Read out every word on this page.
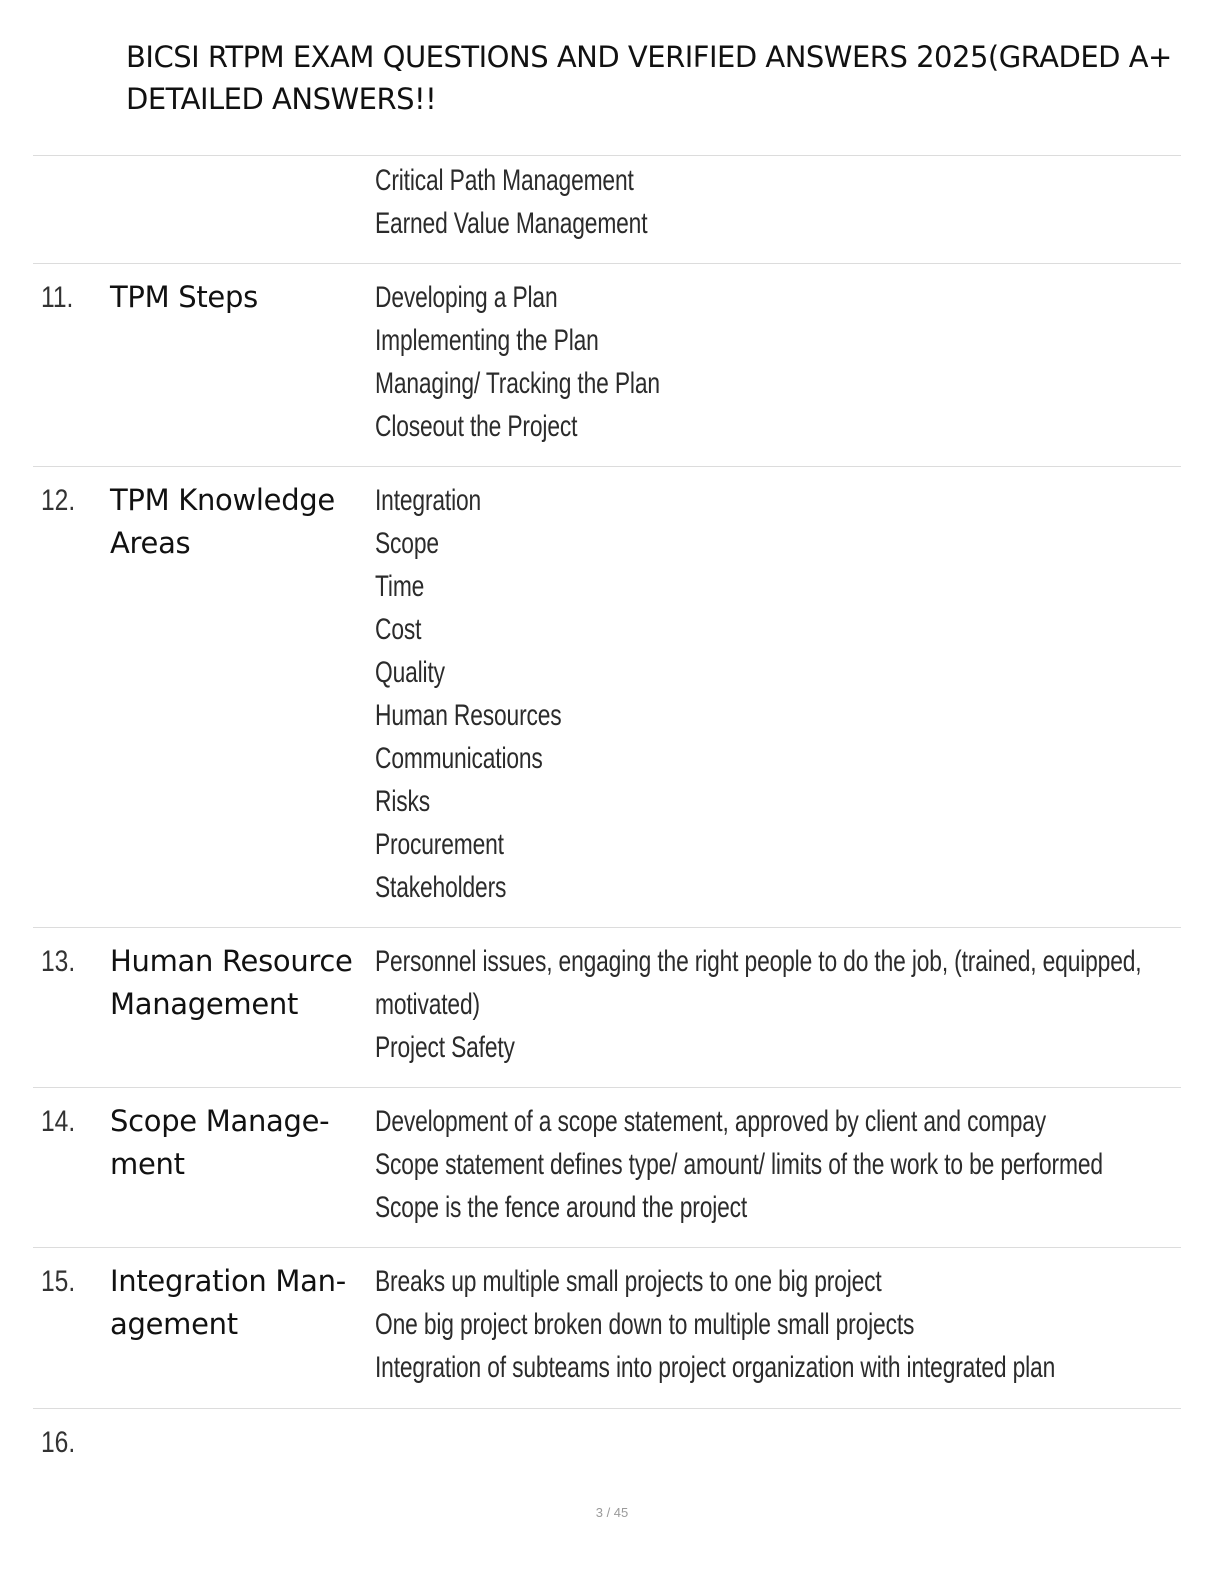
BICSI RTPM EXAM QUESTIONS AND VERIFIED ANSWERS 2025(GRADED A+
DETAILED ANSWERS!!
Critical Path Management
Earned Value Management
11. TPM Steps	Developing a Plan
Implementing the Plan
Managing/ Tracking the Plan
Closeout the Project
12. TPM Knowledge
Areas
Integration
Scope
Time
Cost
Quality
Human Resources
Communications
Risks
Procurement
Stakeholders
13. Human Resource
Management
Personnel issues, engaging the right people to do the job, (trained, equipped,
motivated)
Project Safety
14. Scope Manage-
ment
Development of a scope statement, approved by client and compay
Scope statement defines type/ amount/ limits of the work to be performed
Scope is the fence around the project
15. Integration Man-
agement
Breaks up multiple small projects to one big project
One big project broken down to multiple small projects
Integration of subteams into project organization with integrated plan
16.
3 / 45
